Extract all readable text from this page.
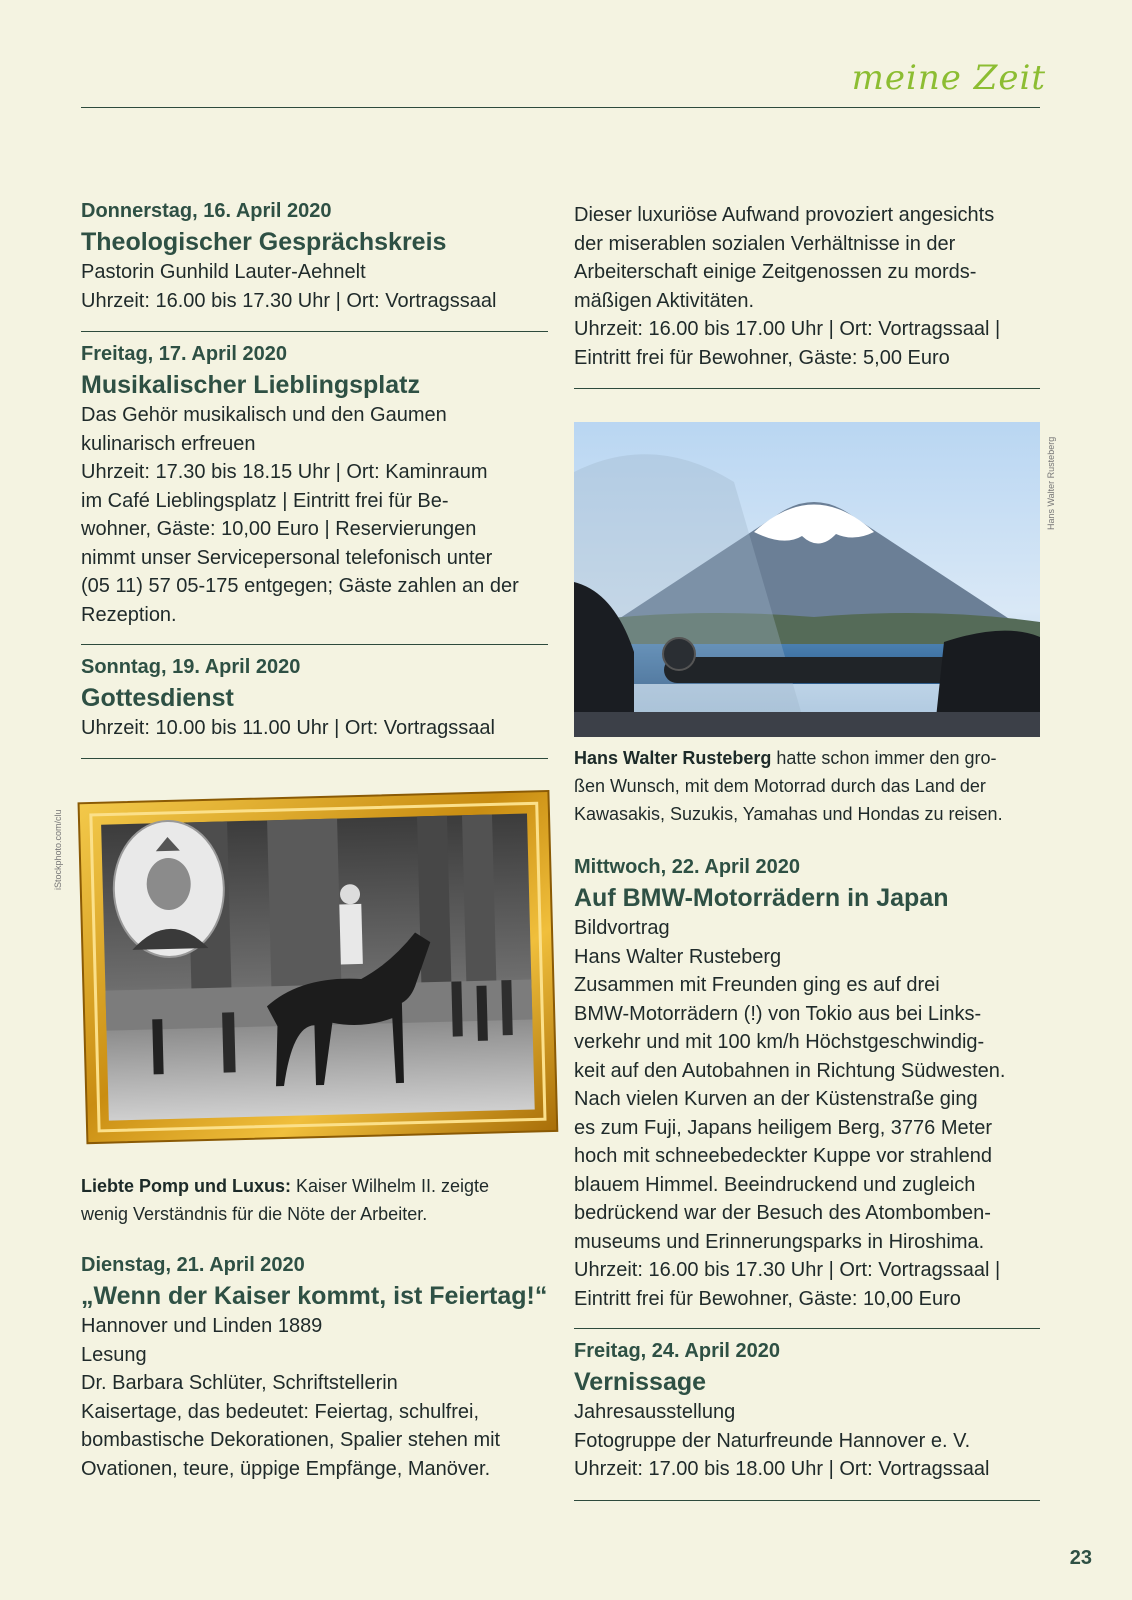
meine Zeit
Donnerstag, 16. April 2020
Theologischer Gesprächskreis
Pastorin Gunhild Lauter-Aehnelt
Uhrzeit: 16.00 bis 17.30 Uhr | Ort: Vortragssaal
Freitag, 17. April 2020
Musikalischer Lieblingsplatz
Das Gehör musikalisch und den Gaumen
kulinarisch erfreuen
Uhrzeit: 17.30 bis 18.15 Uhr | Ort: Kaminraum
im Café Lieblingsplatz | Eintritt frei für Be-
wohner, Gäste: 10,00 Euro | Reservierungen
nimmt unser Servicepersonal telefonisch unter
(05 11) 57 05-175 entgegen; Gäste zahlen an der
Rezeption.
Sonntag, 19. April 2020
Gottesdienst
Uhrzeit: 10.00 bis 11.00 Uhr | Ort: Vortragssaal
iStockphoto.com/clu
Liebte Pomp und Luxus: Kaiser Wilhelm II. zeigte
wenig Verständnis für die Nöte der Arbeiter.
Dienstag, 21. April 2020
„Wenn der Kaiser kommt, ist Feiertag!“
Hannover und Linden 1889
Lesung
Dr. Barbara Schlüter, Schriftstellerin
Kaisertage, das bedeutet: Feiertag, schulfrei,
bombastische Dekorationen, Spalier stehen mit
Ovationen, teure, üppige Empfänge, Manöver.
Dieser luxuriöse Aufwand provoziert angesichts
der miserablen sozialen Verhältnisse in der
Arbeiterschaft einige Zeitgenossen zu mords-
mäßigen Aktivitäten.
Uhrzeit: 16.00 bis 17.00 Uhr | Ort: Vortragssaal |
Eintritt frei für Bewohner, Gäste: 5,00 Euro
Hans Walter Rusteberg
Hans Walter Rusteberg hatte schon immer den gro-
ßen Wunsch, mit dem Motorrad durch das Land der
Kawasakis, Suzukis, Yamahas und Hondas zu reisen.
Mittwoch, 22. April 2020
Auf BMW-Motorrädern in Japan
Bildvortrag
Hans Walter Rusteberg
Zusammen mit Freunden ging es auf drei
BMW-Motorrädern (!) von Tokio aus bei Links-
verkehr und mit 100 km/h Höchstgeschwindig-
keit auf den Autobahnen in Richtung Südwesten.
Nach vielen Kurven an der Küstenstraße ging
es zum Fuji, Japans heiligem Berg, 3776 Meter
hoch mit schneebedeckter Kuppe vor strahlend
blauem Himmel. Beeindruckend und zugleich
bedrückend war der Besuch des Atombomben-
museums und Erinnerungsparks in Hiroshima.
Uhrzeit: 16.00 bis 17.30 Uhr | Ort: Vortragssaal |
Eintritt frei für Bewohner, Gäste: 10,00 Euro
Freitag, 24. April 2020
Vernissage
Jahresausstellung
Fotogruppe der Naturfreunde Hannover e. V.
Uhrzeit: 17.00 bis 18.00 Uhr | Ort: Vortragssaal
23
